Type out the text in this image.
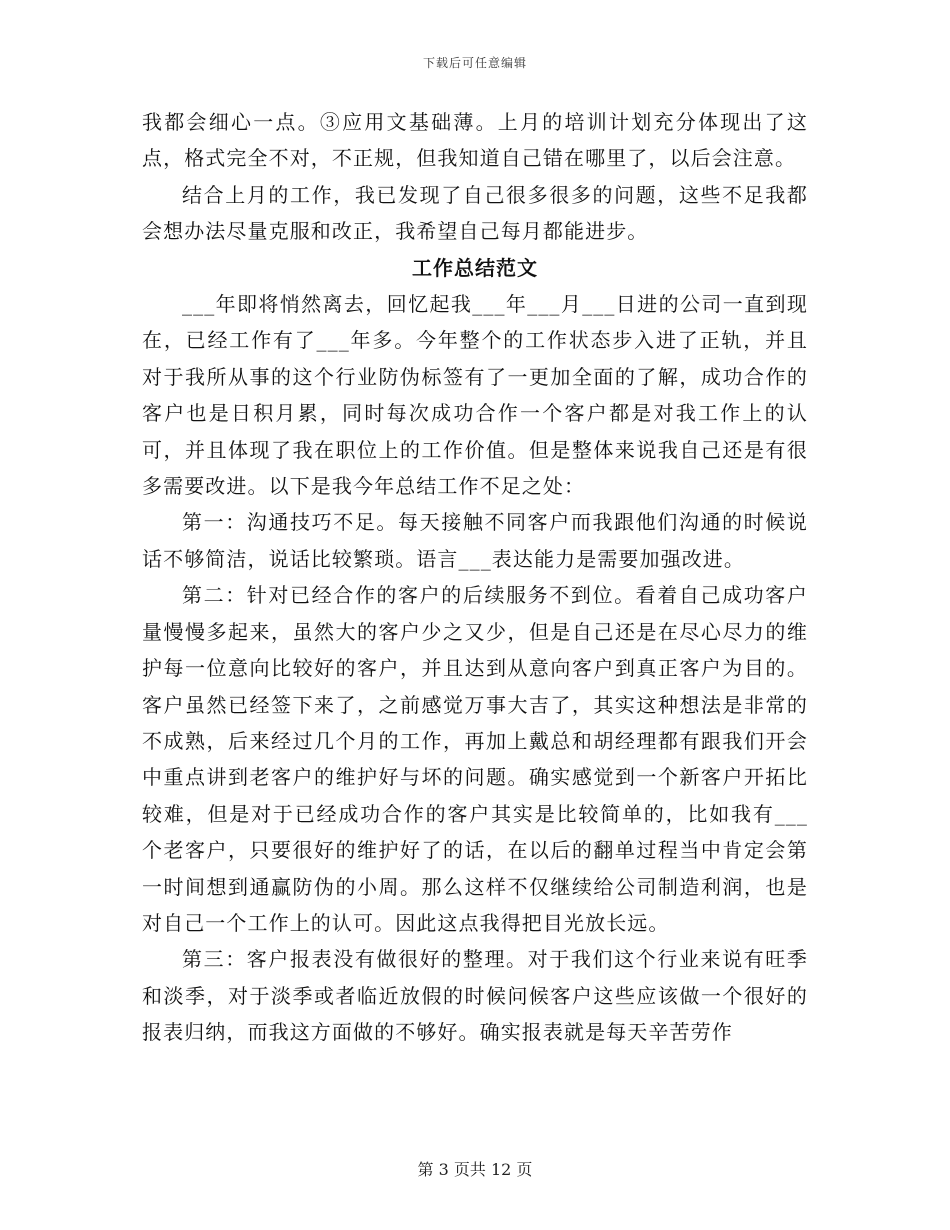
下载后可任意编辑

我都会细心一点。③应用文基础薄。上月的培训计划充分体现出了这点，格式完全不对，不正规，但我知道自己错在哪里了，以后会注意。

结合上月的工作，我已发现了自己很多很多的问题，这些不足我都会想办法尽量克服和改正，我希望自己每月都能进步。

工作总结范文

___年即将悄然离去，回忆起我___年___月___日进的公司一直到现在，已经工作有了___年多。今年整个的工作状态步入进了正轨，并且对于我所从事的这个行业防伪标签有了一更加全面的了解，成功合作的客户也是日积月累，同时每次成功合作一个客户都是对我工作上的认可，并且体现了我在职位上的工作价值。但是整体来说我自己还是有很多需要改进。以下是我今年总结工作不足之处：

第一：沟通技巧不足。每天接触不同客户而我跟他们沟通的时候说话不够简洁，说话比较繁琐。语言___表达能力是需要加强改进。

第二：针对已经合作的客户的后续服务不到位。看着自己成功客户量慢慢多起来，虽然大的客户少之又少，但是自己还是在尽心尽力的维护每一位意向比较好的客户，并且达到从意向客户到真正客户为目的。客户虽然已经签下来了，之前感觉万事大吉了，其实这种想法是非常的不成熟，后来经过几个月的工作，再加上戴总和胡经理都有跟我们开会中重点讲到老客户的维护好与坏的问题。确实感觉到一个新客户开拓比较难，但是对于已经成功合作的客户其实是比较简单的，比如我有___个老客户，只要很好的维护好了的话，在以后的翻单过程当中肯定会第一时间想到通赢防伪的小周。那么这样不仅继续给公司制造利润，也是对自己一个工作上的认可。因此这点我得把目光放长远。

第三：客户报表没有做很好的整理。对于我们这个行业来说有旺季和淡季，对于淡季或者临近放假的时候问候客户这些应该做一个很好的报表归纳，而我这方面做的不够好。确实报表就是每天辛苦劳作

第 3 页共 12 页
